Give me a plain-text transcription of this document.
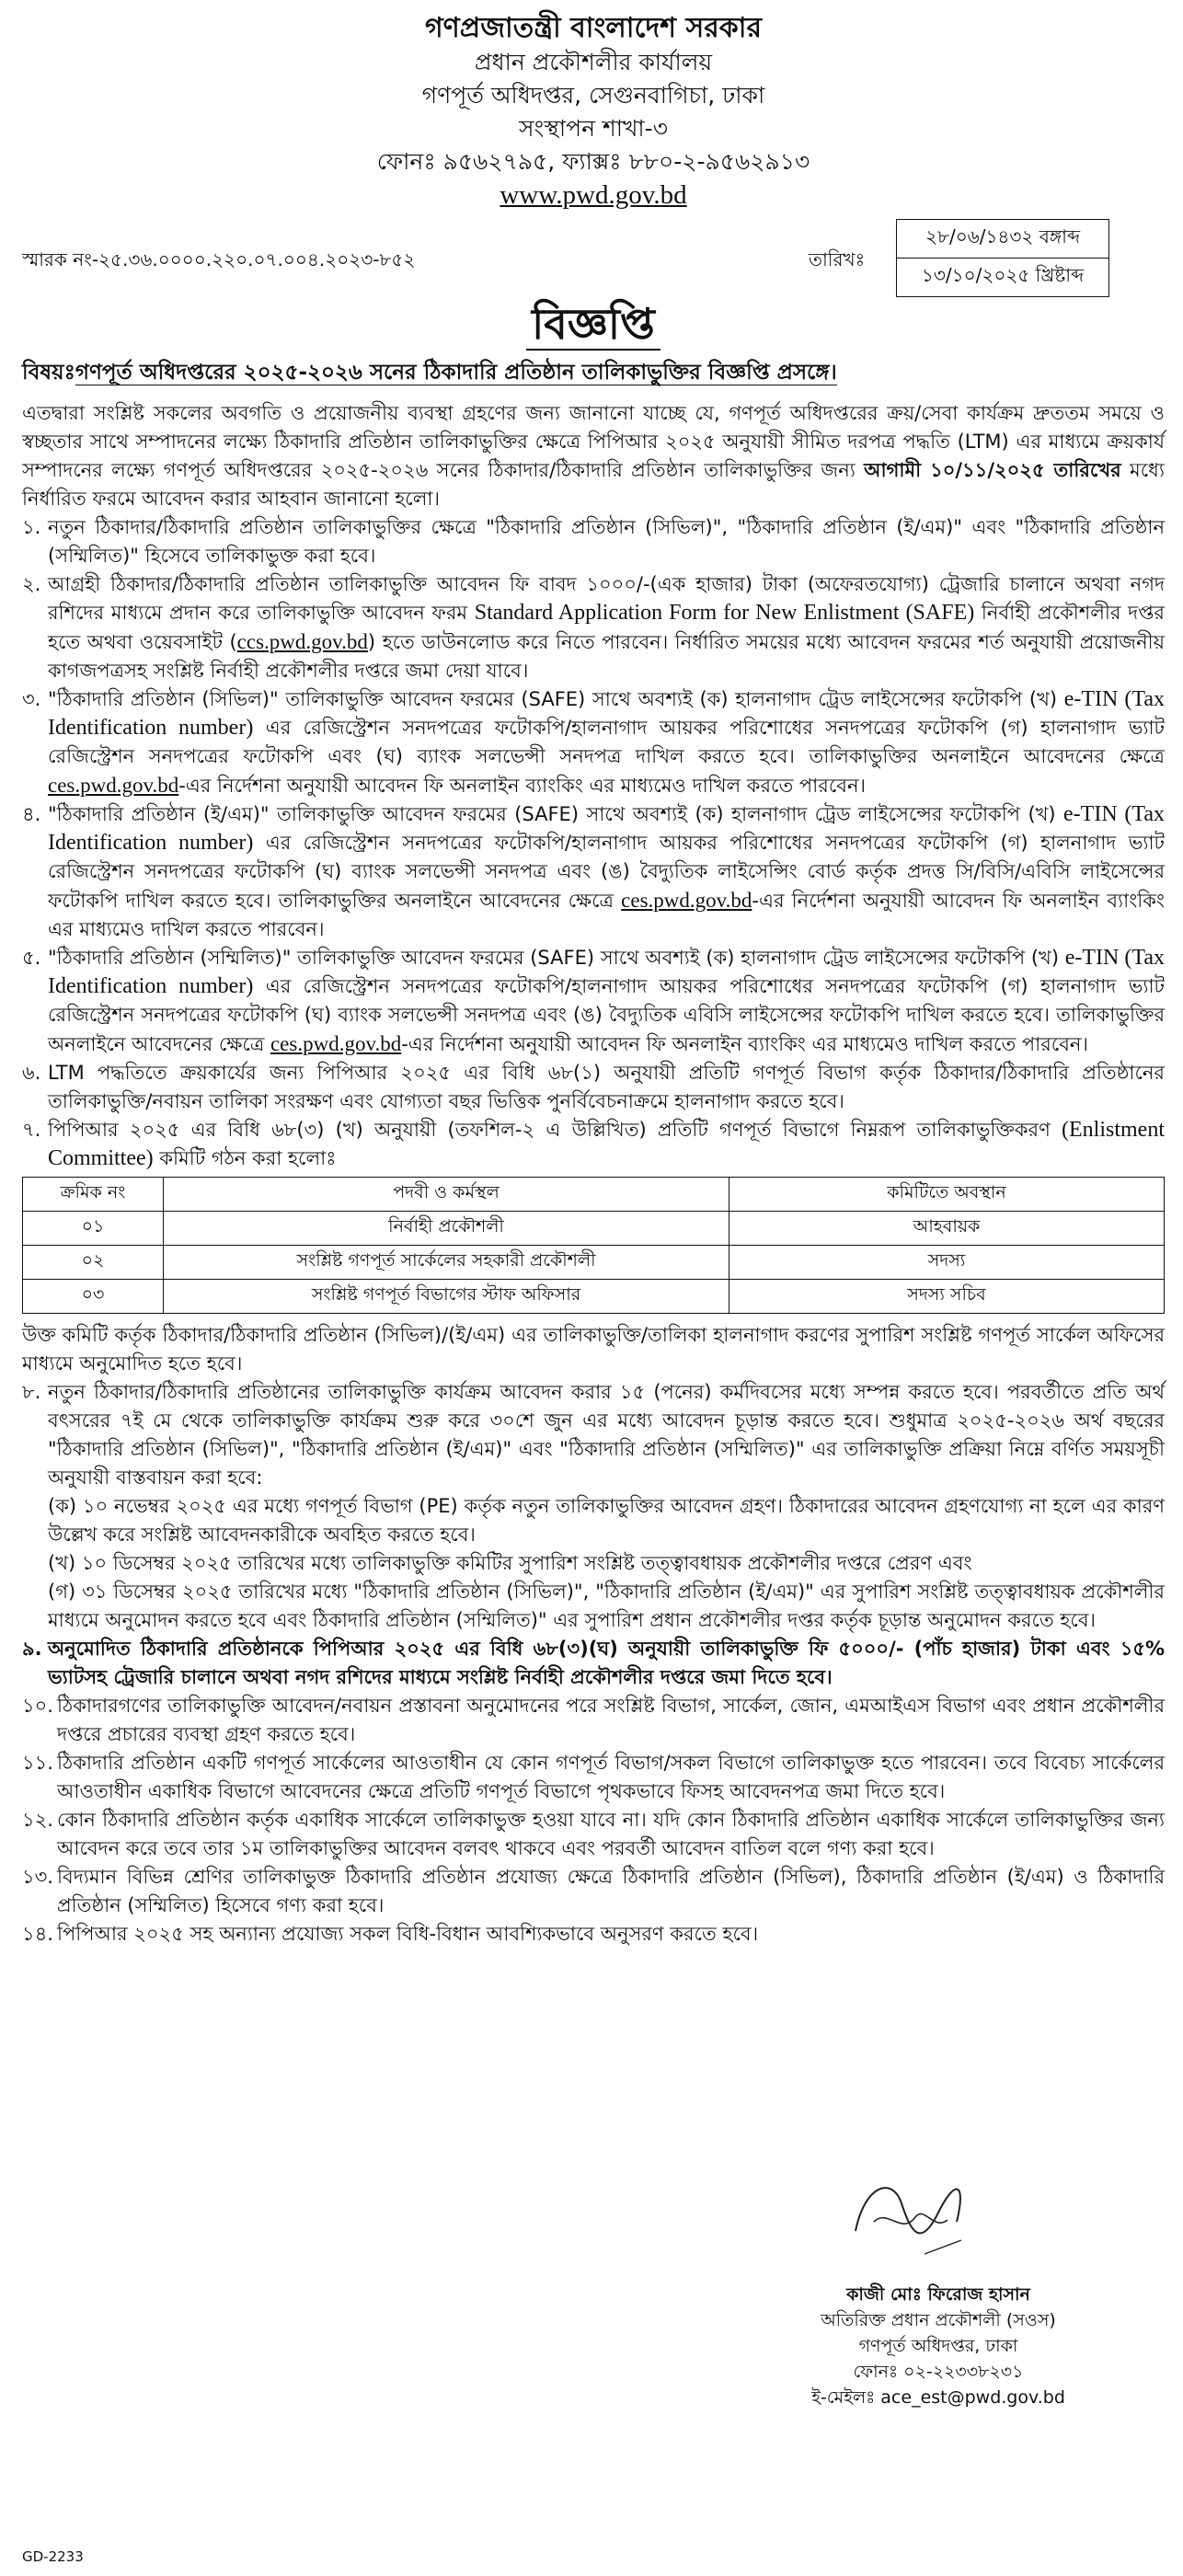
গণপ্রজাতন্ত্রী বাংলাদেশ সরকার
প্রধান প্রকৌশলীর কার্যালয়
গণপূর্ত অধিদপ্তর, সেগুনবাগিচা, ঢাকা
সংস্থাপন শাখা-৩
ফোনঃ ৯৫৬২৭৯৫, ফ্যাক্সঃ ৮৮০-২-৯৫৬২৯১৩
www.pwd.gov.bd
স্মারক নং-২৫.৩৬.০০০০.২২০.০৭.০০৪.২০২৩-৮৫২	তারিখঃ
২৮/০৬/১৪৩২ বঙ্গাব্দ
১৩/১০/২০২৫ খ্রিষ্টাব্দ
বিজ্ঞপ্তি
বিষয়ঃগণপূর্ত অধিদপ্তরের ২০২৫-২০২৬ সনের ঠিকাদারি প্রতিষ্ঠান তালিকাভুক্তির বিজ্ঞপ্তি প্রসঙ্গে।
এতদ্বারা সংশ্লিষ্ট সকলের অবগতি ও প্রয়োজনীয় ব্যবস্থা গ্রহণের জন্য জানানো যাচ্ছে যে, গণপূর্ত অধিদপ্তরের ক্রয়/সেবা কার্যক্রম দ্রুততম সময়ে ও স্বচ্ছতার সাথে সম্পাদনের লক্ষ্যে ঠিকাদারি প্রতিষ্ঠান তালিকাভুক্তির ক্ষেত্রে পিপিআর ২০২৫ অনুযায়ী সীমিত দরপত্র পদ্ধতি (LTM) এর মাধ্যমে ক্রয়কার্য সম্পাদনের লক্ষ্যে গণপূর্ত অধিদপ্তরের ২০২৫-২০২৬ সনের ঠিকাদার/ঠিকাদারি প্রতিষ্ঠান তালিকাভুক্তির জন্য আগামী ১০/১১/২০২৫ তারিখের মধ্যে নির্ধারিত ফরমে আবেদন করার আহবান জানানো হলো।
১. নতুন ঠিকাদার/ঠিকাদারি প্রতিষ্ঠান তালিকাভুক্তির ক্ষেত্রে "ঠিকাদারি প্রতিষ্ঠান (সিভিল)", "ঠিকাদারি প্রতিষ্ঠান (ই/এম)" এবং "ঠিকাদারি প্রতিষ্ঠান (সম্মিলিত)" হিসেবে তালিকাভুক্ত করা হবে।
২. আগ্রহী ঠিকাদার/ঠিকাদারি প্রতিষ্ঠান তালিকাভুক্তি আবেদন ফি বাবদ ১০০০/-(এক হাজার) টাকা (অফেরতযোগ্য) ট্রেজারি চালানে অথবা নগদ রশিদের মাধ্যমে প্রদান করে তালিকাভুক্তি আবেদন ফরম Standard Application Form for New Enlistment (SAFE) নির্বাহী প্রকৌশলীর দপ্তর হতে অথবা ওয়েবসাইট (ccs.pwd.gov.bd) হতে ডাউনলোড করে নিতে পারবেন। নির্ধারিত সময়ের মধ্যে আবেদন ফরমের শর্ত অনুযায়ী প্রয়োজনীয় কাগজপত্রসহ সংশ্লিষ্ট নির্বাহী প্রকৌশলীর দপ্তরে জমা দেয়া যাবে।
৩. "ঠিকাদারি প্রতিষ্ঠান (সিভিল)" তালিকাভুক্তি আবেদন ফরমের (SAFE) সাথে অবশ্যই (ক) হালনাগাদ ট্রেড লাইসেন্সের ফটোকপি (খ) e-TIN (Tax Identification number) এর রেজিস্ট্রেশন সনদপত্রের ফটোকপি/হালনাগাদ আয়কর পরিশোধের সনদপত্রের ফটোকপি (গ) হালনাগাদ ভ্যাট রেজিস্ট্রেশন সনদপত্রের ফটোকপি এবং (ঘ) ব্যাংক সলভেন্সী সনদপত্র দাখিল করতে হবে। তালিকাভুক্তির অনলাইনে আবেদনের ক্ষেত্রে ces.pwd.gov.bd-এর নির্দেশনা অনুযায়ী আবেদন ফি অনলাইন ব্যাংকিং এর মাধ্যমেও দাখিল করতে পারবেন।
৪. "ঠিকাদারি প্রতিষ্ঠান (ই/এম)" তালিকাভুক্তি আবেদন ফরমের (SAFE) সাথে অবশ্যই (ক) হালনাগাদ ট্রেড লাইসেন্সের ফটোকপি (খ) e-TIN (Tax Identification number) এর রেজিস্ট্রেশন সনদপত্রের ফটোকপি/হালনাগাদ আয়কর পরিশোধের সনদপত্রের ফটোকপি (গ) হালনাগাদ ভ্যাট রেজিস্ট্রেশন সনদপত্রের ফটোকপি (ঘ) ব্যাংক সলভেন্সী সনদপত্র এবং (ঙ) বৈদ্যুতিক লাইসেন্সিং বোর্ড কর্তৃক প্রদত্ত সি/বিসি/এবিসি লাইসেন্সের ফটোকপি দাখিল করতে হবে। তালিকাভুক্তির অনলাইনে আবেদনের ক্ষেত্রে ces.pwd.gov.bd-এর নির্দেশনা অনুযায়ী আবেদন ফি অনলাইন ব্যাংকিং এর মাধ্যমেও দাখিল করতে পারবেন।
৫. "ঠিকাদারি প্রতিষ্ঠান (সম্মিলিত)" তালিকাভুক্তি আবেদন ফরমের (SAFE) সাথে অবশ্যই (ক) হালনাগাদ ট্রেড লাইসেন্সের ফটোকপি (খ) e-TIN (Tax Identification number) এর রেজিস্ট্রেশন সনদপত্রের ফটোকপি/হালনাগাদ আয়কর পরিশোধের সনদপত্রের ফটোকপি (গ) হালনাগাদ ভ্যাট রেজিস্ট্রেশন সনদপত্রের ফটোকপি (ঘ) ব্যাংক সলভেন্সী সনদপত্র এবং (ঙ) বৈদ্যুতিক এবিসি লাইসেন্সের ফটোকপি দাখিল করতে হবে। তালিকাভুক্তির অনলাইনে আবেদনের ক্ষেত্রে ces.pwd.gov.bd-এর নির্দেশনা অনুযায়ী আবেদন ফি অনলাইন ব্যাংকিং এর মাধ্যমেও দাখিল করতে পারবেন।
৬. LTM পদ্ধতিতে ক্রয়কার্যের জন্য পিপিআর ২০২৫ এর বিধি ৬৮(১) অনুযায়ী প্রতিটি গণপূর্ত বিভাগ কর্তৃক ঠিকাদার/ঠিকাদারি প্রতিষ্ঠানের তালিকাভুক্তি/নবায়ন তালিকা সংরক্ষণ এবং যোগ্যতা বছর ভিত্তিক পুনর্বিবেচনাক্রমে হালনাগাদ করতে হবে।
৭. পিপিআর ২০২৫ এর বিধি ৬৮(৩) (খ) অনুযায়ী (তফশিল-২ এ উল্লিখিত) প্রতিটি গণপূর্ত বিভাগে নিম্নরূপ তালিকাভুক্তিকরণ (Enlistment Committee) কমিটি গঠন করা হলোঃ
ক্রমিক নং	পদবী ও কর্মস্থল	কমিটিতে অবস্থান
০১	নির্বাহী প্রকৌশলী	আহবায়ক
০২	সংশ্লিষ্ট গণপূর্ত সার্কেলের সহকারী প্রকৌশলী	সদস্য
০৩	সংশ্লিষ্ট গণপূর্ত বিভাগের স্টাফ অফিসার	সদস্য সচিব
উক্ত কমিটি কর্তৃক ঠিকাদার/ঠিকাদারি প্রতিষ্ঠান (সিভিল)/(ই/এম) এর তালিকাভুক্তি/তালিকা হালনাগাদ করণের সুপারিশ সংশ্লিষ্ট গণপূর্ত সার্কেল অফিসের মাধ্যমে অনুমোদিত হতে হবে।
৮. নতুন ঠিকাদার/ঠিকাদারি প্রতিষ্ঠানের তালিকাভুক্তি কার্যক্রম আবেদন করার ১৫ (পনের) কর্মদিবসের মধ্যে সম্পন্ন করতে হবে। পরবর্তীতে প্রতি অর্থ বৎসরের ৭ই মে থেকে তালিকাভুক্তি কার্যক্রম শুরু করে ৩০শে জুন এর মধ্যে আবেদন চূড়ান্ত করতে হবে। শুধুমাত্র ২০২৫-২০২৬ অর্থ বছরের "ঠিকাদারি প্রতিষ্ঠান (সিভিল)", "ঠিকাদারি প্রতিষ্ঠান (ই/এম)" এবং "ঠিকাদারি প্রতিষ্ঠান (সম্মিলিত)" এর তালিকাভুক্তি প্রক্রিয়া নিম্নে বর্ণিত সময়সূচী অনুযায়ী বাস্তবায়ন করা হবে:
(ক) ১০ নভেম্বর ২০২৫ এর মধ্যে গণপূর্ত বিভাগ (PE) কর্তৃক নতুন তালিকাভুক্তির আবেদন গ্রহণ। ঠিকাদারের আবেদন গ্রহণযোগ্য না হলে এর কারণ উল্লেখ করে সংশ্লিষ্ট আবেদনকারীকে অবহিত করতে হবে।
(খ) ১০ ডিসেম্বর ২০২৫ তারিখের মধ্যে তালিকাভুক্তি কমিটির সুপারিশ সংশ্লিষ্ট তত্ত্বাবধায়ক প্রকৌশলীর দপ্তরে প্রেরণ এবং
(গ) ৩১ ডিসেম্বর ২০২৫ তারিখের মধ্যে "ঠিকাদারি প্রতিষ্ঠান (সিভিল)", "ঠিকাদারি প্রতিষ্ঠান (ই/এম)" এর সুপারিশ সংশ্লিষ্ট তত্ত্বাবধায়ক প্রকৌশলীর মাধ্যমে অনুমোদন করতে হবে এবং ঠিকাদারি প্রতিষ্ঠান (সম্মিলিত)" এর সুপারিশ প্রধান প্রকৌশলীর দপ্তর কর্তৃক চূড়ান্ত অনুমোদন করতে হবে।
৯. অনুমোদিত ঠিকাদারি প্রতিষ্ঠানকে পিপিআর ২০২৫ এর বিধি ৬৮(৩)(ঘ) অনুযায়ী তালিকাভুক্তি ফি ৫০০০/- (পাঁচ হাজার) টাকা এবং ১৫% ভ্যাটসহ ট্রেজারি চালানে অথবা নগদ রশিদের মাধ্যমে সংশ্লিষ্ট নির্বাহী প্রকৌশলীর দপ্তরে জমা দিতে হবে।
১০. ঠিকাদারগণের তালিকাভুক্তি আবেদন/নবায়ন প্রস্তাবনা অনুমোদনের পরে সংশ্লিষ্ট বিভাগ, সার্কেল, জোন, এমআইএস বিভাগ এবং প্রধান প্রকৌশলীর দপ্তরে প্রচারের ব্যবস্থা গ্রহণ করতে হবে।
১১. ঠিকাদারি প্রতিষ্ঠান একটি গণপূর্ত সার্কেলের আওতাধীন যে কোন গণপূর্ত বিভাগ/সকল বিভাগে তালিকাভুক্ত হতে পারবেন। তবে বিবেচ্য সার্কেলের আওতাধীন একাধিক বিভাগে আবেদনের ক্ষেত্রে প্রতিটি গণপূর্ত বিভাগে পৃথকভাবে ফিসহ আবেদনপত্র জমা দিতে হবে।
১২. কোন ঠিকাদারি প্রতিষ্ঠান কর্তৃক একাধিক সার্কেলে তালিকাভুক্ত হওয়া যাবে না। যদি কোন ঠিকাদারি প্রতিষ্ঠান একাধিক সার্কেলে তালিকাভুক্তির জন্য আবেদন করে তবে তার ১ম তালিকাভুক্তির আবেদন বলবৎ থাকবে এবং পরবর্তী আবেদন বাতিল বলে গণ্য করা হবে।
১৩. বিদ্যমান বিভিন্ন শ্রেণির তালিকাভুক্ত ঠিকাদারি প্রতিষ্ঠান প্রযোজ্য ক্ষেত্রে ঠিকাদারি প্রতিষ্ঠান (সিভিল), ঠিকাদারি প্রতিষ্ঠান (ই/এম) ও ঠিকাদারি প্রতিষ্ঠান (সম্মিলিত) হিসেবে গণ্য করা হবে।
১৪. পিপিআর ২০২৫ সহ অন্যান্য প্রযোজ্য সকল বিধি-বিধান আবশ্যিকভাবে অনুসরণ করতে হবে।
কাজী মোঃ ফিরোজ হাসান
অতিরিক্ত প্রধান প্রকৌশলী (সওস)
গণপূর্ত অধিদপ্তর, ঢাকা
ফোনঃ ০২-২২৩৩৮২৩১
ই-মেইলঃ ace_est@pwd.gov.bd
GD-2233
